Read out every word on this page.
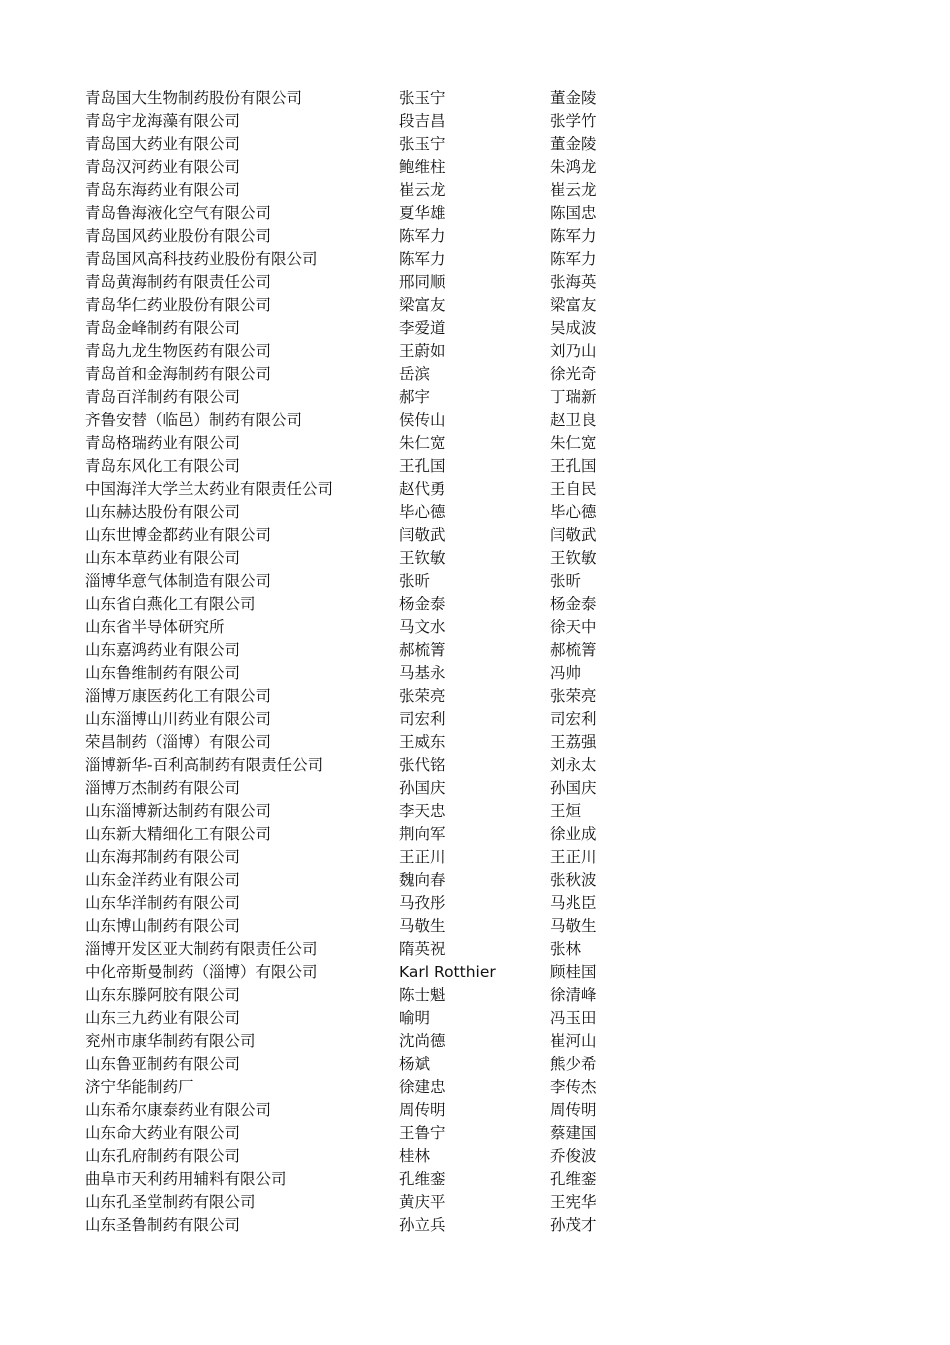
青岛国大生物制药股份有限公司	张玉宁	董金陵
青岛宇龙海藻有限公司	段吉昌	张学竹
青岛国大药业有限公司	张玉宁	董金陵
青岛汉河药业有限公司	鲍维柱	朱鸿龙
青岛东海药业有限公司	崔云龙	崔云龙
青岛鲁海液化空气有限公司	夏华雄	陈国忠
青岛国风药业股份有限公司	陈军力	陈军力
青岛国风高科技药业股份有限公司	陈军力	陈军力
青岛黄海制药有限责任公司	邢同顺	张海英
青岛华仁药业股份有限公司	梁富友	梁富友
青岛金峰制药有限公司	李爱道	吴成波
青岛九龙生物医药有限公司	王蔚如	刘乃山
青岛首和金海制药有限公司	岳滨	徐光奇
青岛百洋制药有限公司	郝宇	丁瑞新
齐鲁安替（临邑）制药有限公司	侯传山	赵卫良
青岛格瑞药业有限公司	朱仁宽	朱仁宽
青岛东风化工有限公司	王孔国	王孔国
中国海洋大学兰太药业有限责任公司	赵代勇	王自民
山东赫达股份有限公司	毕心德	毕心德
山东世博金都药业有限公司	闫敬武	闫敬武
山东本草药业有限公司	王钦敏	王钦敏
淄博华意气体制造有限公司	张昕	张昕
山东省白燕化工有限公司	杨金泰	杨金泰
山东省半导体研究所	马文水	徐天中
山东嘉鸿药业有限公司	郝梳箐	郝梳箐
山东鲁维制药有限公司	马基永	冯帅
淄博万康医药化工有限公司	张荣亮	张荣亮
山东淄博山川药业有限公司	司宏利	司宏利
荣昌制药（淄博）有限公司	王威东	王荔强
淄博新华-百利高制药有限责任公司	张代铭	刘永太
淄博万杰制药有限公司	孙国庆	孙国庆
山东淄博新达制药有限公司	李天忠	王烜
山东新大精细化工有限公司	荆向军	徐业成
山东海邦制药有限公司	王正川	王正川
山东金洋药业有限公司	魏向春	张秋波
山东华洋制药有限公司	马孜彤	马兆臣
山东博山制药有限公司	马敬生	马敬生
淄博开发区亚大制药有限责任公司	隋英祝	张林
中化帝斯曼制药（淄博）有限公司	Karl Rotthier	顾桂国
山东东滕阿胶有限公司	陈士魁	徐清峰
山东三九药业有限公司	喻明	冯玉田
兖州市康华制药有限公司	沈尚德	崔河山
山东鲁亚制药有限公司	杨斌	熊少希
济宁华能制药厂	徐建忠	李传杰
山东希尔康泰药业有限公司	周传明	周传明
山东命大药业有限公司	王鲁宁	蔡建国
山东孔府制药有限公司	桂林	乔俊波
曲阜市天利药用辅料有限公司	孔维銮	孔维銮
山东孔圣堂制药有限公司	黄庆平	王宪华
山东圣鲁制药有限公司	孙立兵	孙茂才
